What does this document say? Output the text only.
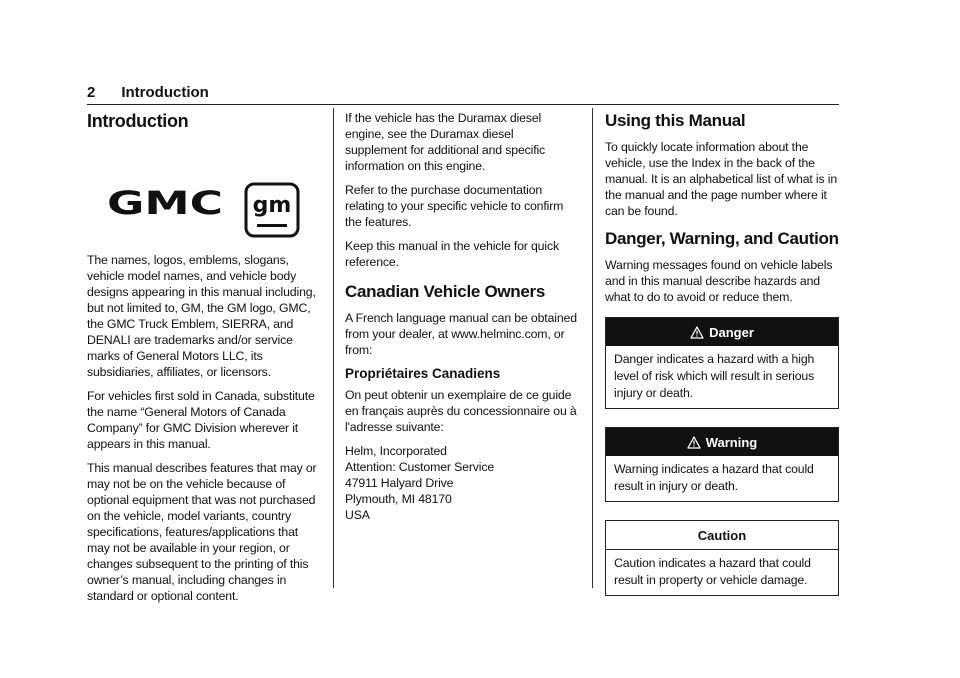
2 Introduction
Introduction
GMC gm

The names, logos, emblems, slogans, vehicle model names, and vehicle body designs appearing in this manual including, but not limited to, GM, the GM logo, GMC, the GMC Truck Emblem, SIERRA, and DENALI are trademarks and/or service marks of General Motors LLC, its subsidiaries, affiliates, or licensors.

For vehicles first sold in Canada, substitute the name “General Motors of Canada Company” for GMC Division wherever it appears in this manual.

This manual describes features that may or may not be on the vehicle because of optional equipment that was not purchased on the vehicle, model variants, country specifications, features/applications that may not be available in your region, or changes subsequent to the printing of this owner’s manual, including changes in standard or optional content.

If the vehicle has the Duramax diesel engine, see the Duramax diesel supplement for additional and specific information on this engine.

Refer to the purchase documentation relating to your specific vehicle to confirm the features.

Keep this manual in the vehicle for quick reference.

Canadian Vehicle Owners

A French language manual can be obtained from your dealer, at www.helminc.com, or from:

Propriétaires Canadiens

On peut obtenir un exemplaire de ce guide en français auprès du concessionnaire ou à l'adresse suivante:

Helm, Incorporated
Attention: Customer Service
47911 Halyard Drive
Plymouth, MI 48170
USA

Using this Manual

To quickly locate information about the vehicle, use the Index in the back of the manual. It is an alphabetical list of what is in the manual and the page number where it can be found.

Danger, Warning, and Caution

Warning messages found on vehicle labels and in this manual describe hazards and what to do to avoid or reduce them.

Danger

Danger indicates a hazard with a high level of risk which will result in serious injury or death.

Warning

Warning indicates a hazard that could result in injury or death.

Caution

Caution indicates a hazard that could result in property or vehicle damage.
